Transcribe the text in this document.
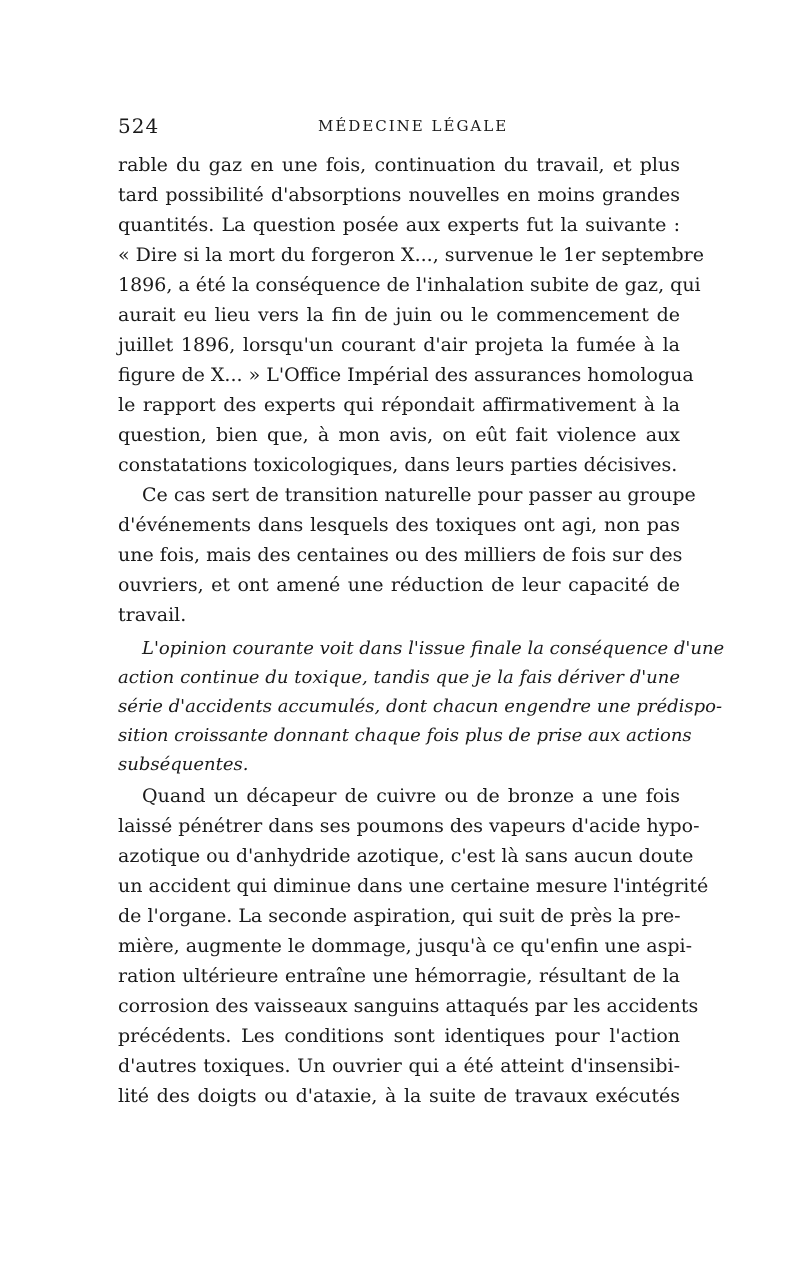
524	MÉDECINE LÉGALE
rable du gaz en une fois, continuation du travail, et plus
tard possibilité d'absorptions nouvelles en moins grandes
quantités. La question posée aux experts fut la suivante :
« Dire si la mort du forgeron X..., survenue le 1er septembre
1896, a été la conséquence de l'inhalation subite de gaz, qui
aurait eu lieu vers la fin de juin ou le commencement de
juillet 1896, lorsqu'un courant d'air projeta la fumée à la
figure de X... » L'Office Impérial des assurances homologua
le rapport des experts qui répondait affirmativement à la
question, bien que, à mon avis, on eût fait violence aux
constatations toxicologiques, dans leurs parties décisives.
Ce cas sert de transition naturelle pour passer au groupe
d'événements dans lesquels des toxiques ont agi, non pas
une fois, mais des centaines ou des milliers de fois sur des
ouvriers, et ont amené une réduction de leur capacité de
travail.
L'opinion courante voit dans l'issue finale la conséquence d'une
action continue du toxique, tandis que je la fais dériver d'une
série d'accidents accumulés, dont chacun engendre une prédispo-
sition croissante donnant chaque fois plus de prise aux actions
subséquentes.
Quand un décapeur de cuivre ou de bronze a une fois
laissé pénétrer dans ses poumons des vapeurs d'acide hypo-
azotique ou d'anhydride azotique, c'est là sans aucun doute
un accident qui diminue dans une certaine mesure l'intégrité
de l'organe. La seconde aspiration, qui suit de près la pre-
mière, augmente le dommage, jusqu'à ce qu'enfin une aspi-
ration ultérieure entraîne une hémorragie, résultant de la
corrosion des vaisseaux sanguins attaqués par les accidents
précédents. Les conditions sont identiques pour l'action
d'autres toxiques. Un ouvrier qui a été atteint d'insensibi-
lité des doigts ou d'ataxie, à la suite de travaux exécutés
